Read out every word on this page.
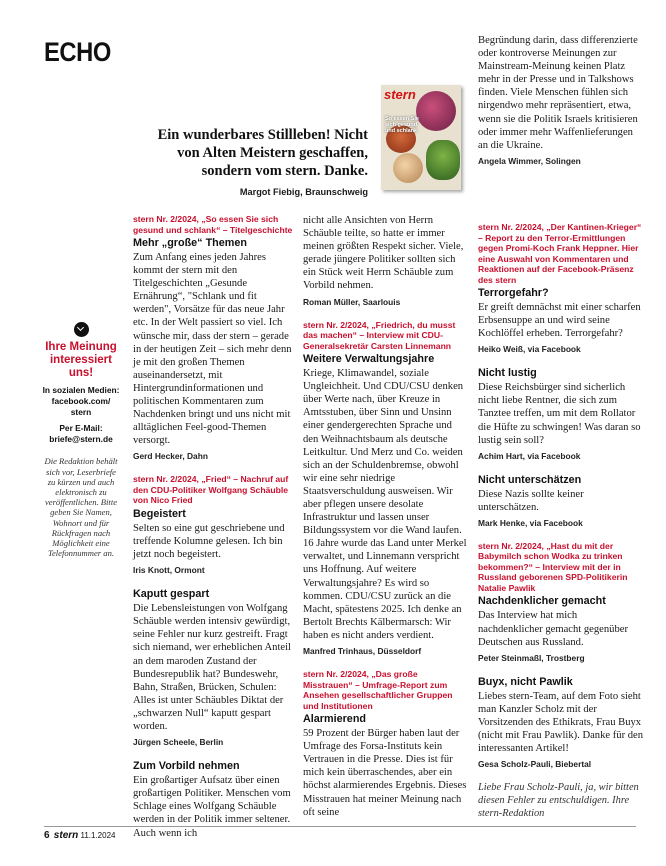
ECHO
Ein wunderbares Stillleben! Nicht von Alten Meistern geschaffen, sondern vom stern. Danke.
Margot Fiebig, Braunschweig
stern
So essen Sie sich gesund und schlank
Begründung darin, dass differenzierte oder kontroverse Meinungen zur Mainstream-Meinung keinen Platz mehr in der Presse und in Talkshows finden. Viele Menschen fühlen sich nirgendwo mehr repräsentiert, etwa, wenn sie die Politik Israels kritisieren oder immer mehr Waffenlieferungen an die Ukraine.
Angela Wimmer, Solingen
Ihre Meinung interessiert uns!
In sozialen Medien: facebook.com/ stern
Per E-Mail: briefe@stern.de
Die Redaktion behält sich vor, Leserbriefe zu kürzen und auch elektronisch zu veröffentlichen. Bitte geben Sie Namen, Wohnort und für Rückfragen nach Möglichkeit eine Telefonnummer an.
stern Nr. 2/2024, „So essen Sie sich gesund und schlank“ – Titelgeschichte
Mehr „große“ Themen
Zum Anfang eines jeden Jahres kommt der stern mit den Titelgeschichten „Gesunde Ernährung“, "Schlank und fit werden", Vorsätze für das neue Jahr etc. In der Welt passiert so viel. Ich wünsche mir, dass der stern – gerade in der heutigen Zeit – sich mehr denn je mit den großen Themen auseinandersetzt, mit Hintergrundinformationen und politischen Kommentaren zum Nachdenken bringt und uns nicht mit alltäglichen Feel-good-Themen versorgt.
Gerd Hecker, Dahn
stern Nr. 2/2024, „Fried“ – Nachruf auf den CDU-Politiker Wolfgang Schäuble von Nico Fried
Begeistert
Selten so eine gut geschriebene und treffende Kolumne gelesen. Ich bin jetzt noch begeistert.
Iris Knott, Ormont
Kaputt gespart
Die Lebensleistungen von Wolfgang Schäuble werden intensiv gewürdigt, seine Fehler nur kurz gestreift. Fragt sich niemand, wer erheblichen Anteil an dem maroden Zustand der Bundesrepublik hat? Bundeswehr, Bahn, Straßen, Brücken, Schulen: Alles ist unter Schäubles Diktat der „schwarzen Null“ kaputt gespart worden.
Jürgen Scheele, Berlin
Zum Vorbild nehmen
Ein großartiger Aufsatz über einen großartigen Politiker. Menschen vom Schlage eines Wolfgang Schäuble werden in der Politik immer seltener. Auch wenn ich
nicht alle Ansichten von Herrn Schäuble teilte, so hatte er immer meinen größten Respekt sicher. Viele, gerade jüngere Politiker sollten sich ein Stück weit Herrn Schäuble zum Vorbild nehmen.
Roman Müller, Saarlouis
stern Nr. 2/2024, „Friedrich, du musst das machen“ – Interview mit CDU-Generalsekretär Carsten Linnemann
Weitere Verwaltungsjahre
Kriege, Klimawandel, soziale Ungleichheit. Und CDU/CSU denken über Werte nach, über Kreuze in Amtsstuben, über Sinn und Unsinn einer gendergerechten Sprache und den Weihnachtsbaum als deutsche Leitkultur. Und Merz und Co. weiden sich an der Schuldenbremse, obwohl wir eine sehr niedrige Staatsverschuldung ausweisen. Wir aber pflegen unsere desolate Infrastruktur und lassen unser Bildungssystem vor die Wand laufen. 16 Jahre wurde das Land unter Merkel verwaltet, und Linnemann verspricht uns Hoffnung. Auf weitere Verwaltungsjahre? Es wird so kommen. CDU/CSU zurück an die Macht, spätestens 2025. Ich denke an Bertolt Brechts Kälbermarsch: Wir haben es nicht anders verdient.
Manfred Trinhaus, Düsseldorf
stern Nr. 2/2024, „Das große Misstrauen“ – Umfrage-Report zum Ansehen gesellschaftlicher Gruppen und Institutionen
Alarmierend
59 Prozent der Bürger haben laut der Umfrage des Forsa-Instituts kein Vertrauen in die Presse. Dies ist für mich kein überraschendes, aber ein höchst alarmierendes Ergebnis. Dieses Misstrauen hat meiner Meinung nach oft seine
stern Nr. 2/2024, „Der Kantinen-Krieger“ – Report zu den Terror-Ermittlungen gegen Promi-Koch Frank Heppner. Hier eine Auswahl von Kommentaren und Reaktionen auf der Facebook-Präsenz des stern
Terrorgefahr?
Er greift demnächst mit einer scharfen Erbsensuppe an und wird seine Kochlöffel erheben. Terrorgefahr?
Heiko Weiß, via Facebook
Nicht lustig
Diese Reichsbürger sind sicherlich nicht liebe Rentner, die sich zum Tanztee treffen, um mit dem Rollator die Hüfte zu schwingen! Was daran so lustig sein soll?
Achim Hart, via Facebook
Nicht unterschätzen
Diese Nazis sollte keiner unterschätzen.
Mark Henke, via Facebook
stern Nr. 2/2024, „Hast du mit der Babymilch schon Wodka zu trinken bekommen?“ – Interview mit der in Russland geborenen SPD-Politikerin Natalie Pawlik
Nachdenklicher gemacht
Das Interview hat mich nachdenklicher gemacht gegenüber Deutschen aus Russland.
Peter Steinmaßl, Trostberg
Buyx, nicht Pawlik
Liebes stern-Team, auf dem Foto sieht man Kanzler Scholz mit der Vorsitzenden des Ethikrats, Frau Buyx (nicht mit Frau Pawlik). Danke für den interessanten Artikel!
Gesa Scholz-Pauli, Biebertal
Liebe Frau Scholz-Pauli, ja, wir bitten diesen Fehler zu entschuldigen. Ihre stern-Redaktion
6 stern 11.1.2024
